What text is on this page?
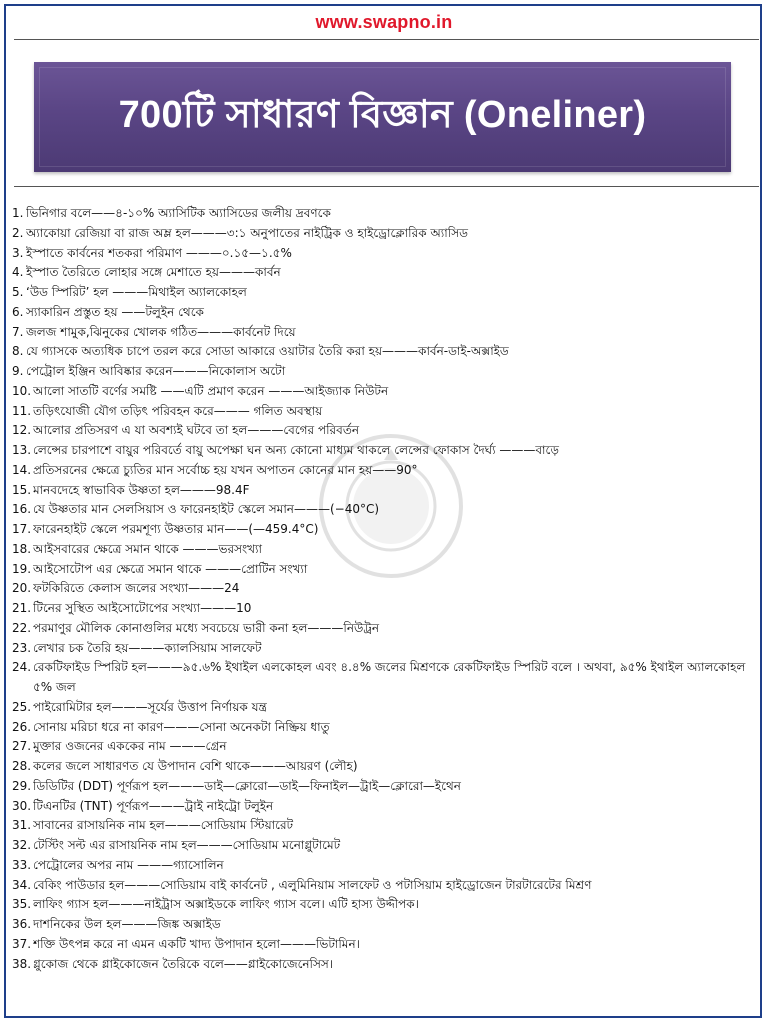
www.swapno.in
700টি সাধারণ বিজ্ঞান (Oneliner)
1. ভিনিগার বলে——৪-১০% অ্যাসিটিক অ্যাসিডের জলীয় দ্রবণকে
2. অ্যাকোয়া রেজিয়া বা রাজ অম্ল হল———৩:১ অনুপাতের নাইট্রিক ও হাইড্রোক্লোরিক অ্যাসিড
3. ইস্পাতে কার্বনের শতকরা পরিমাণ ———০.১৫—১.৫%
4. ইস্পাত তৈরিতে লোহার সঙ্গে মেশাতে হয়———কার্বন
5. ‘উড স্পিরিট’ হল ———মিথাইল অ্যালকোহল
6. স্যাকারিন প্রস্তুত হয় ——টলুইন থেকে
7. জলজ শামুক,ঝিনুকের খোলক গঠিত———কার্বনেট দিয়ে
8. যে গ্যাসকে অত্যধিক চাপে তরল করে সোডা আকারে ওয়াটার তৈরি করা হয়———কার্বন-ডাই-অক্সাইড
9. পেট্রোল ইঞ্জিন আবিষ্কার করেন———নিকোলাস অটো
10. আলো সাতটি বর্ণের সমষ্টি ——এটি প্রমাণ করেন ———আইজ্যাক নিউটন
11. তড়িৎযোজী যৌগ তড়িৎ পরিবহন করে——— গলিত অবস্থায়
12. আলোর প্রতিসরণ এ যা অবশ্যই ঘটবে তা হল———বেগের পরিবর্তন
13. লেন্সের চারপাশে বায়ুর পরিবর্তে বায়ু অপেক্ষা ঘন অন্য কোনো মাধ্যম থাকলে লেন্সের ফোকাস দৈর্ঘ্য ———বাড়ে
14. প্রতিসরনের ক্ষেত্রে চ্যুতির মান সর্বোচ্চ হয় যখন অপাতন কোনের মান হয়——90°
15. মানবদেহে স্বাভাবিক উষ্ণতা হল———98.4F
16. যে উষ্ণতার মান সেলসিয়াস ও ফারেনহাইট স্কেলে সমান———(−40°C)
17. ফারেনহাইট স্কেলে পরমশূণ্য উষ্ণতার মান——(—459.4°C)
18. আইসবারের ক্ষেত্রে সমান থাকে ———ভরসংখ্যা
19. আইসোটোপ এর ক্ষেত্রে সমান থাকে ———প্রোটিন সংখ্যা
20. ফটকিরিতে কেলাস জলের সংখ্যা———24
21. টিনের সুস্থিত আইসোটোপের সংখ্যা———10
22. পরমাণুর মৌলিক কোনাগুলির মধ্যে সবচেয়ে ভারী কনা হল———নিউট্রন
23. লেখার চক তৈরি হয়———ক্যালসিয়াম সালফেট
24. রেকটিফাইড স্পিরিট হল———৯৫.৬% ইথাইল এলকোহল এবং ৪.৪% জলের মিশ্রণকে রেকটিফাইড স্পিরিট বলে । অথবা, ৯৫% ইথাইল অ্যালকোহল ৫% জল
25. পাইরোমিটার হল———সূর্যের উত্তাপ নির্ণায়ক যন্ত্র
26. সোনায় মরিচা ধরে না কারণ———সোনা অনেকটা নিষ্ক্রিয় ধাতু
27. মুক্তার ওজনের এককের নাম ———গ্রেন
28. কলের জলে সাধারণত যে উপাদান বেশি থাকে———আয়রণ (লৌহ)
29. ডিডিটির (DDT) পূর্ণরূপ হল———ডাই—ক্লোরো—ডাই—ফিনাইল—ট্রাই—ক্লোরো—ইথেন
30. টিএনটির (TNT) পূর্ণরূপ———ট্রাই নাইট্রো টলুইন
31. সাবানের রাসায়নিক নাম হল———সোডিয়াম স্টিয়ারেট
32. টেস্টিং সল্ট এর রাসায়নিক নাম হল———সোডিয়াম মনোগ্লুটামেট
33. পেট্রোলের অপর নাম ———গ্যাসোলিন
34. বেকিং পাউডার হল———সোডিয়াম বাই কার্বনেট , এলুমিনিয়াম সালফেট ও পটাসিয়াম হাইড্রোজেন টারটারেটের মিশ্রণ
35. লাফিং গ্যাস হল———নাইট্রাস অক্সাইডকে লাফিং গ্যাস বলে। এটি হাস্য উদ্দীপক।
36. দাশনিকের উল হল———জিঙ্ক অক্সাইড
37. শক্তি উৎপন্ন করে না এমন একটি খাদ্য উপাদান হলো———ভিটামিন।
38. গ্লুকোজ থেকে গ্লাইকোজেন তৈরিকে বলে——গ্লাইকোজেনেসিস।
